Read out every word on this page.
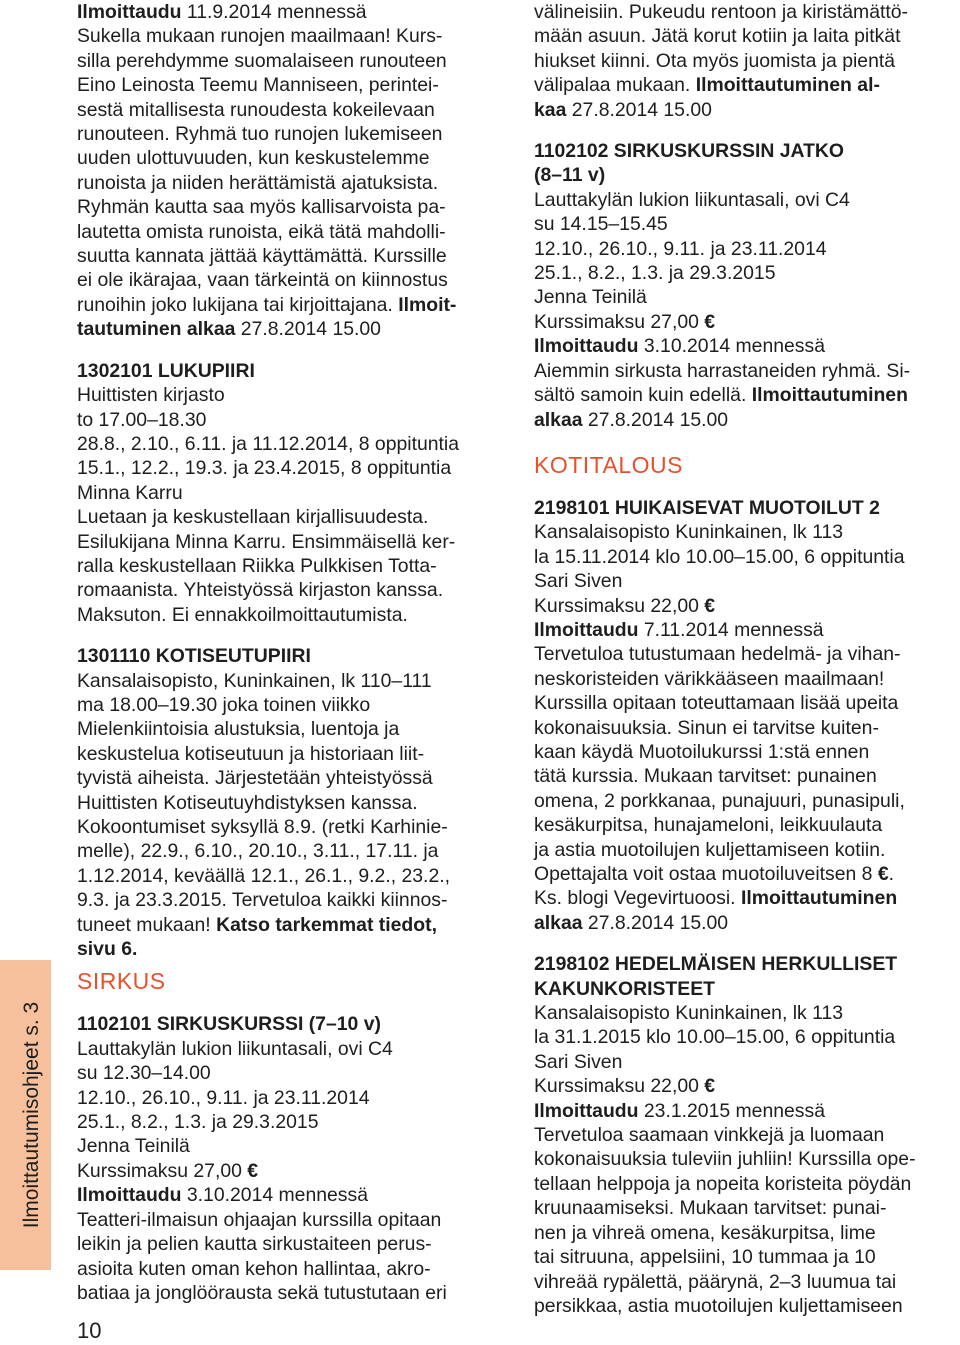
Ilmoittautumisohjeet s. 3
10
Ilmoittaudu 11.9.2014 mennessä
Sukella mukaan runojen maailmaan! Kurs-
silla perehdymme suomalaiseen runouteen
Eino Leinosta Teemu Manniseen, perintei-
sestä mitallisesta runoudesta kokeilevaan
runouteen. Ryhmä tuo runojen lukemiseen
uuden ulottuvuuden, kun keskustelemme
runoista ja niiden herättämistä ajatuksista.
Ryhmän kautta saa myös kallisarvoista pa-
lautetta omista runoista, eikä tätä mahdolli-
suutta kannata jättää käyttämättä. Kurssille
ei ole ikärajaa, vaan tärkeintä on kiinnostus
runoihin joko lukijana tai kirjoittajana. Ilmoit-
tautuminen alkaa 27.8.2014 15.00
1302101 LUKUPIIRI
Huittisten kirjasto
to 17.00–18.30
28.8., 2.10., 6.11. ja 11.12.2014, 8 oppituntia
15.1., 12.2., 19.3. ja 23.4.2015, 8 oppituntia
Minna Karru
Luetaan ja keskustellaan kirjallisuudesta.
Esilukijana Minna Karru. Ensimmäisellä ker-
ralla keskustellaan Riikka Pulkkisen Totta-
romaanista. Yhteistyössä kirjaston kanssa.
Maksuton. Ei ennakkoilmoittautumista.
1301110 KOTISEUTUPIIRI
Kansalaisopisto, Kuninkainen, lk 110–111
ma 18.00–19.30 joka toinen viikko
Mielenkiintoisia alustuksia, luentoja ja
keskustelua kotiseutuun ja historiaan liit-
tyvistä aiheista. Järjestetään yhteistyössä
Huittisten Kotiseutuyhdistyksen kanssa.
Kokoontumiset syksyllä 8.9. (retki Karhinie-
melle), 22.9., 6.10., 20.10., 3.11., 17.11. ja
1.12.2014, keväällä 12.1., 26.1., 9.2., 23.2.,
9.3. ja 23.3.2015. Tervetuloa kaikki kiinnos-
tuneet mukaan! Katso tarkemmat tiedot,
sivu 6.
SIRKUS
1102101 SIRKUSKURSSI (7–10 v)
Lauttakylän lukion liikuntasali, ovi C4
su 12.30–14.00
12.10., 26.10., 9.11. ja 23.11.2014
25.1., 8.2., 1.3. ja 29.3.2015
Jenna Teinilä
Kurssimaksu 27,00 €
Ilmoittaudu 3.10.2014 mennessä
Teatteri-ilmaisun ohjaajan kurssilla opitaan
leikin ja pelien kautta sirkustaiteen perus-
asioita kuten oman kehon hallintaa, akro-
batiaa ja jonglöörausta sekä tutustutaan eri
välineisiin. Pukeudu rentoon ja kiristämättö-
mään asuun. Jätä korut kotiin ja laita pitkät
hiukset kiinni. Ota myös juomista ja pientä
välipalaa mukaan. Ilmoittautuminen al-
kaa 27.8.2014 15.00
1102102 SIRKUSKURSSIN JATKO
(8–11 v)
Lauttakylän lukion liikuntasali, ovi C4
su 14.15–15.45
12.10., 26.10., 9.11. ja 23.11.2014
25.1., 8.2., 1.3. ja 29.3.2015
Jenna Teinilä
Kurssimaksu 27,00 €
Ilmoittaudu 3.10.2014 mennessä
Aiemmin sirkusta harrastaneiden ryhmä. Si-
sältö samoin kuin edellä. Ilmoittautuminen
alkaa 27.8.2014 15.00
KOTITALOUS
2198101 HUIKAISEVAT MUOTOILUT 2
Kansalaisopisto Kuninkainen, lk 113
la 15.11.2014 klo 10.00–15.00, 6 oppituntia
Sari Siven
Kurssimaksu 22,00 €
Ilmoittaudu 7.11.2014 mennessä
Tervetuloa tutustumaan hedelmä- ja vihan-
neskoristeiden värikkääseen maailmaan!
Kurssilla opitaan toteuttamaan lisää upeita
kokonaisuuksia. Sinun ei tarvitse kuiten-
kaan käydä Muotoilukurssi 1:stä ennen
tätä kurssia. Mukaan tarvitset: punainen
omena, 2 porkkanaa, punajuuri, punasipuli,
kesäkurpitsa, hunajameloni, leikkuulauta
ja astia muotoilujen kuljettamiseen kotiin.
Opettajalta voit ostaa muotoiluveitsen 8 €.
Ks. blogi Vegevirtuoosi. Ilmoittautuminen
alkaa 27.8.2014 15.00
2198102 HEDELMÄISEN HERKULLISET
KAKUNKORISTEET
Kansalaisopisto Kuninkainen, lk 113
la 31.1.2015 klo 10.00–15.00, 6 oppituntia
Sari Siven
Kurssimaksu 22,00 €
Ilmoittaudu 23.1.2015 mennessä
Tervetuloa saamaan vinkkejä ja luomaan
kokonaisuuksia tuleviin juhliin! Kurssilla ope-
tellaan helppoja ja nopeita koristeita pöydän
kruunaamiseksi. Mukaan tarvitset: punai-
nen ja vihreä omena, kesäkurpitsa, lime
tai sitruuna, appelsiini, 10 tummaa ja 10
vihreää rypälettä, päärynä, 2–3 luumua tai
persikkaa, astia muotoilujen kuljettamiseen
